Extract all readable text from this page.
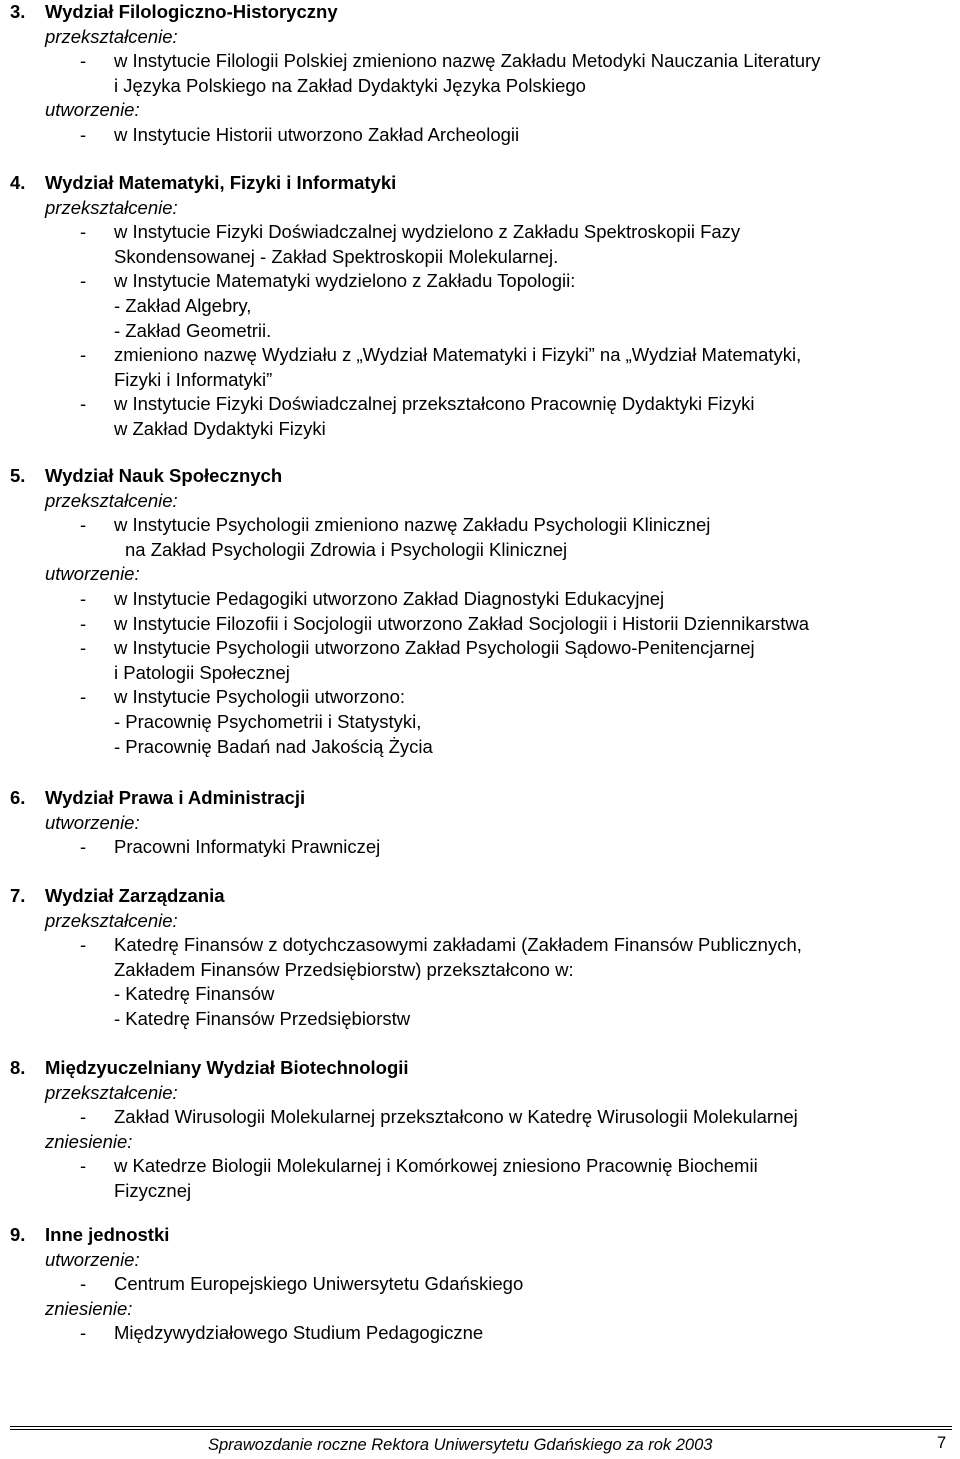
3. Wydział Filologiczno-Historyczny
przekształcenie:
- w Instytucie Filologii Polskiej zmieniono nazwę Zakładu Metodyki Nauczania Literatury
i Języka Polskiego na Zakład Dydaktyki Języka Polskiego
utworzenie:
- w Instytucie Historii utworzono Zakład Archeologii
4. Wydział Matematyki, Fizyki i Informatyki
przekształcenie:
- w Instytucie Fizyki Doświadczalnej wydzielono z Zakładu Spektroskopii Fazy
Skondensowanej - Zakład Spektroskopii Molekularnej.
- w Instytucie Matematyki wydzielono z Zakładu Topologii:
- Zakład Algebry,
- Zakład Geometrii.
- zmieniono nazwę Wydziału z „Wydział Matematyki i Fizyki” na „Wydział Matematyki,
Fizyki i Informatyki”
- w Instytucie Fizyki Doświadczalnej przekształcono Pracownię Dydaktyki Fizyki
w Zakład Dydaktyki Fizyki
5. Wydział Nauk Społecznych
przekształcenie:
- w Instytucie Psychologii zmieniono nazwę Zakładu Psychologii Klinicznej
na Zakład Psychologii Zdrowia i Psychologii Klinicznej
utworzenie:
- w Instytucie Pedagogiki utworzono Zakład Diagnostyki Edukacyjnej
- w Instytucie Filozofii i Socjologii utworzono Zakład Socjologii i Historii Dziennikarstwa
- w Instytucie Psychologii utworzono Zakład Psychologii Sądowo-Penitencjarnej
i Patologii Społecznej
- w Instytucie Psychologii utworzono:
- Pracownię Psychometrii i Statystyki,
- Pracownię Badań nad Jakością Życia
6. Wydział Prawa i Administracji
utworzenie:
- Pracowni Informatyki Prawniczej
7. Wydział Zarządzania
przekształcenie:
- Katedrę Finansów z dotychczasowymi zakładami (Zakładem Finansów Publicznych,
Zakładem Finansów Przedsiębiorstw) przekształcono w:
- Katedrę Finansów
- Katedrę Finansów Przedsiębiorstw
8. Międzyuczelniany Wydział Biotechnologii
przekształcenie:
- Zakład Wirusologii Molekularnej przekształcono w Katedrę Wirusologii Molekularnej
zniesienie:
- w Katedrze Biologii Molekularnej i Komórkowej zniesiono Pracownię Biochemii
Fizycznej
9. Inne jednostki
utworzenie:
- Centrum Europejskiego Uniwersytetu Gdańskiego
zniesienie:
- Międzywydziałowego Studium Pedagogiczne
Sprawozdanie roczne Rektora Uniwersytetu Gdańskiego za rok 2003	7
